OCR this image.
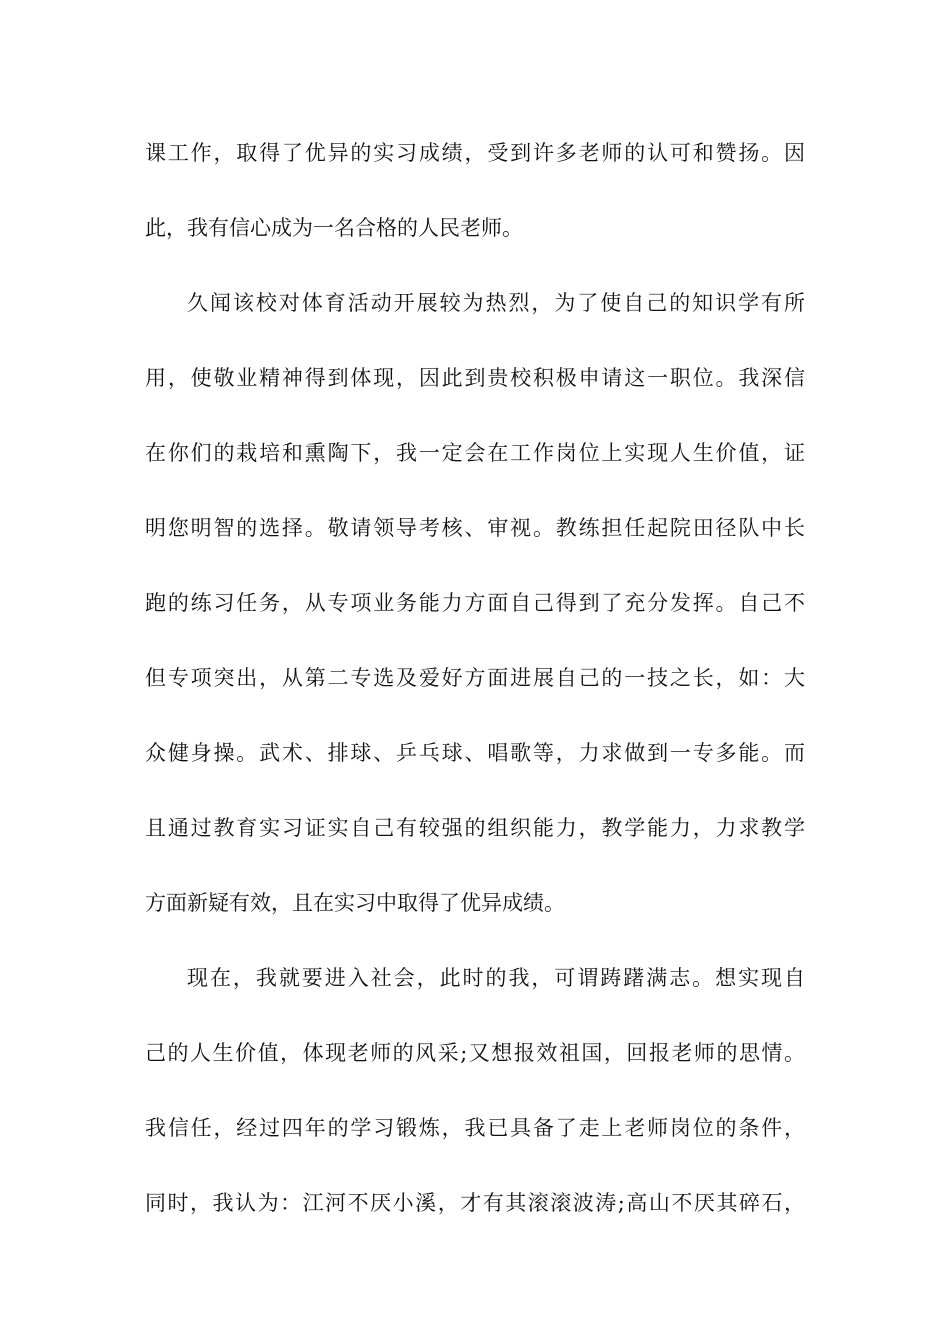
课工作，取得了优异的实习成绩，受到许多老师的认可和赞扬。因
此，我有信心成为一名合格的人民老师。
久闻该校对体育活动开展较为热烈，为了使自己的知识学有所
用，使敬业精神得到体现，因此到贵校积极申请这一职位。我深信
在你们的栽培和熏陶下，我一定会在工作岗位上实现人生价值，证
明您明智的选择。敬请领导考核、审视。教练担任起院田径队中长
跑的练习任务，从专项业务能力方面自己得到了充分发挥。自己不
但专项突出，从第二专选及爱好方面进展自己的一技之长，如：大
众健身操。武术、排球、乒乓球、唱歌等，力求做到一专多能。而
且通过教育实习证实自己有较强的组织能力，教学能力，力求教学
方面新疑有效，且在实习中取得了优异成绩。
现在，我就要进入社会，此时的我，可谓踌躇满志。想实现自
己的人生价值，体现老师的风采;又想报效祖国，回报老师的思情。
我信任，经过四年的学习锻炼，我已具备了走上老师岗位的条件，
同时，我认为：江河不厌小溪，才有其滚滚波涛;高山不厌其碎石，
